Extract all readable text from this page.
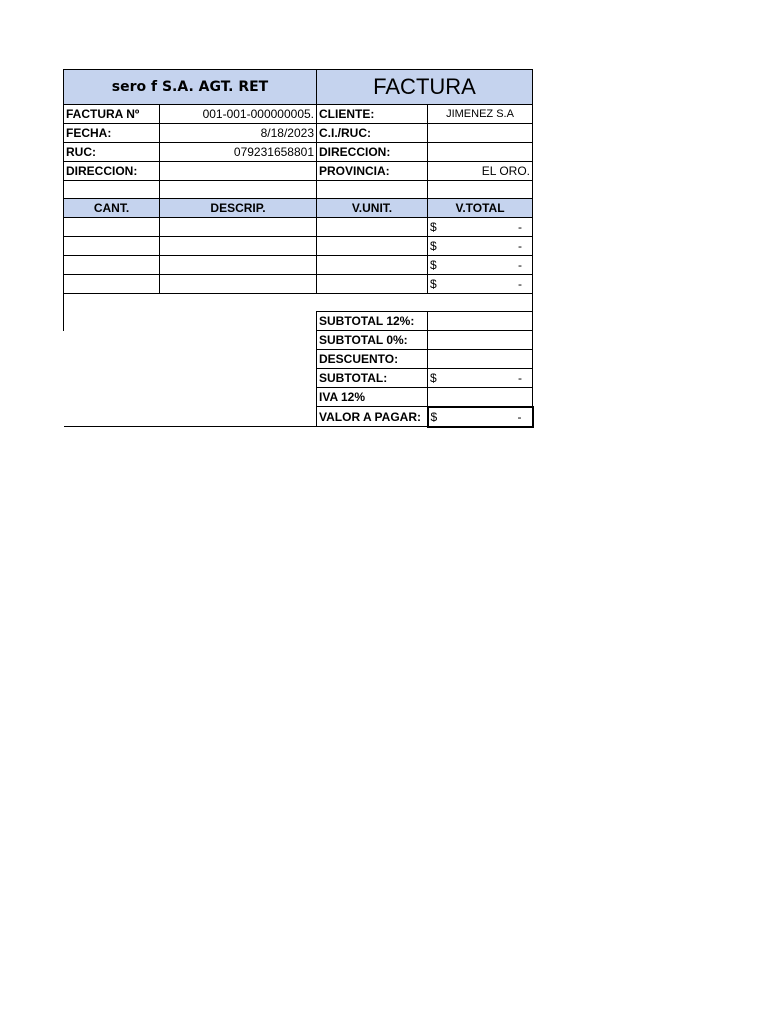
sero f S.A. AGT. RET		FACTURA	
FACTURA Nº	001-001-000000005.	CLIENTE:	JIMENEZ S.A
FECHA:	8/18/2023	C.I./RUC:	
RUC:	079231658801	DIRECCION:	
DIRECCION:		PROVINCIA:	EL ORO.

CANT.	DESCRIP.	V.UNIT.	V.TOTAL

			$ -

			$ -

			$ -

			$ -

		SUBTOTAL 12%:	

		SUBTOTAL 0%:	

		DESCUENTO:	

		SUBTOTAL:	$ -

		IVA 12%	

		VALOR A PAGAR:	$ -
